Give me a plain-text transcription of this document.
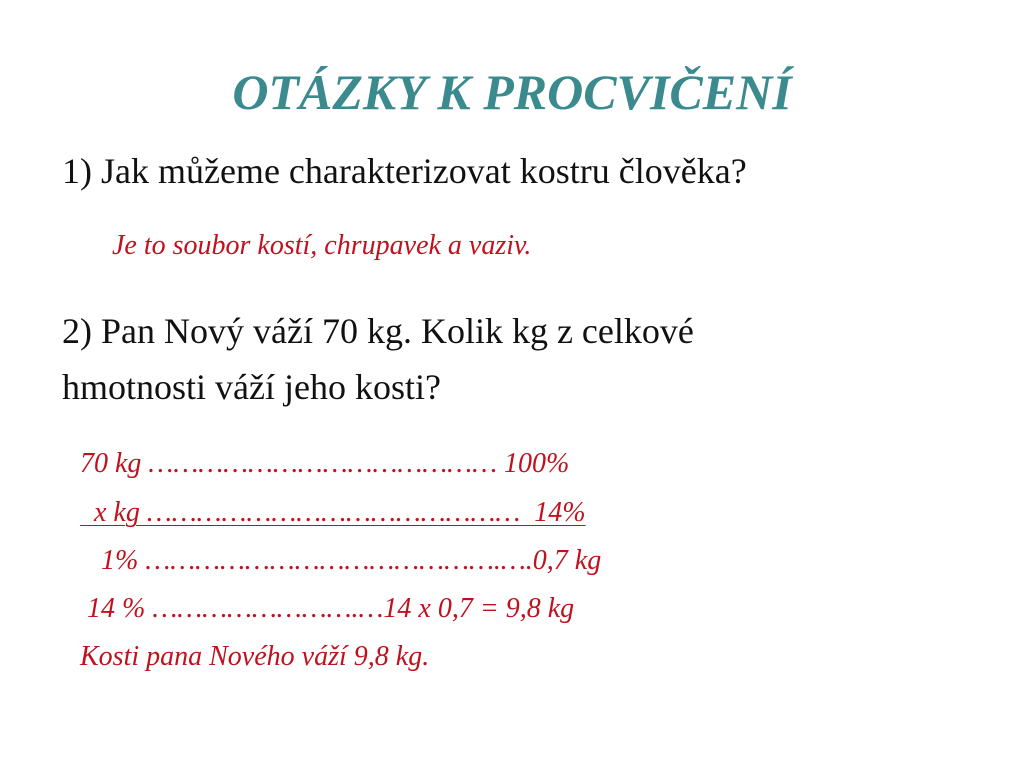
OTÁZKY K PROCVIČENÍ
1) Jak můžeme charakterizovat kostru člověka?
Je to soubor kostí, chrupavek a vaziv.
2) Pan Nový váží 70 kg. Kolik kg z celkové
hmotnosti váží jeho kosti?
70 kg …………………………………… 100%
x kg ………………………………………  14%
1% …………………………………….….0,7 kg
14 % …………………….…14 x 0,7 = 9,8 kg
Kosti pana Nového váží 9,8 kg.
